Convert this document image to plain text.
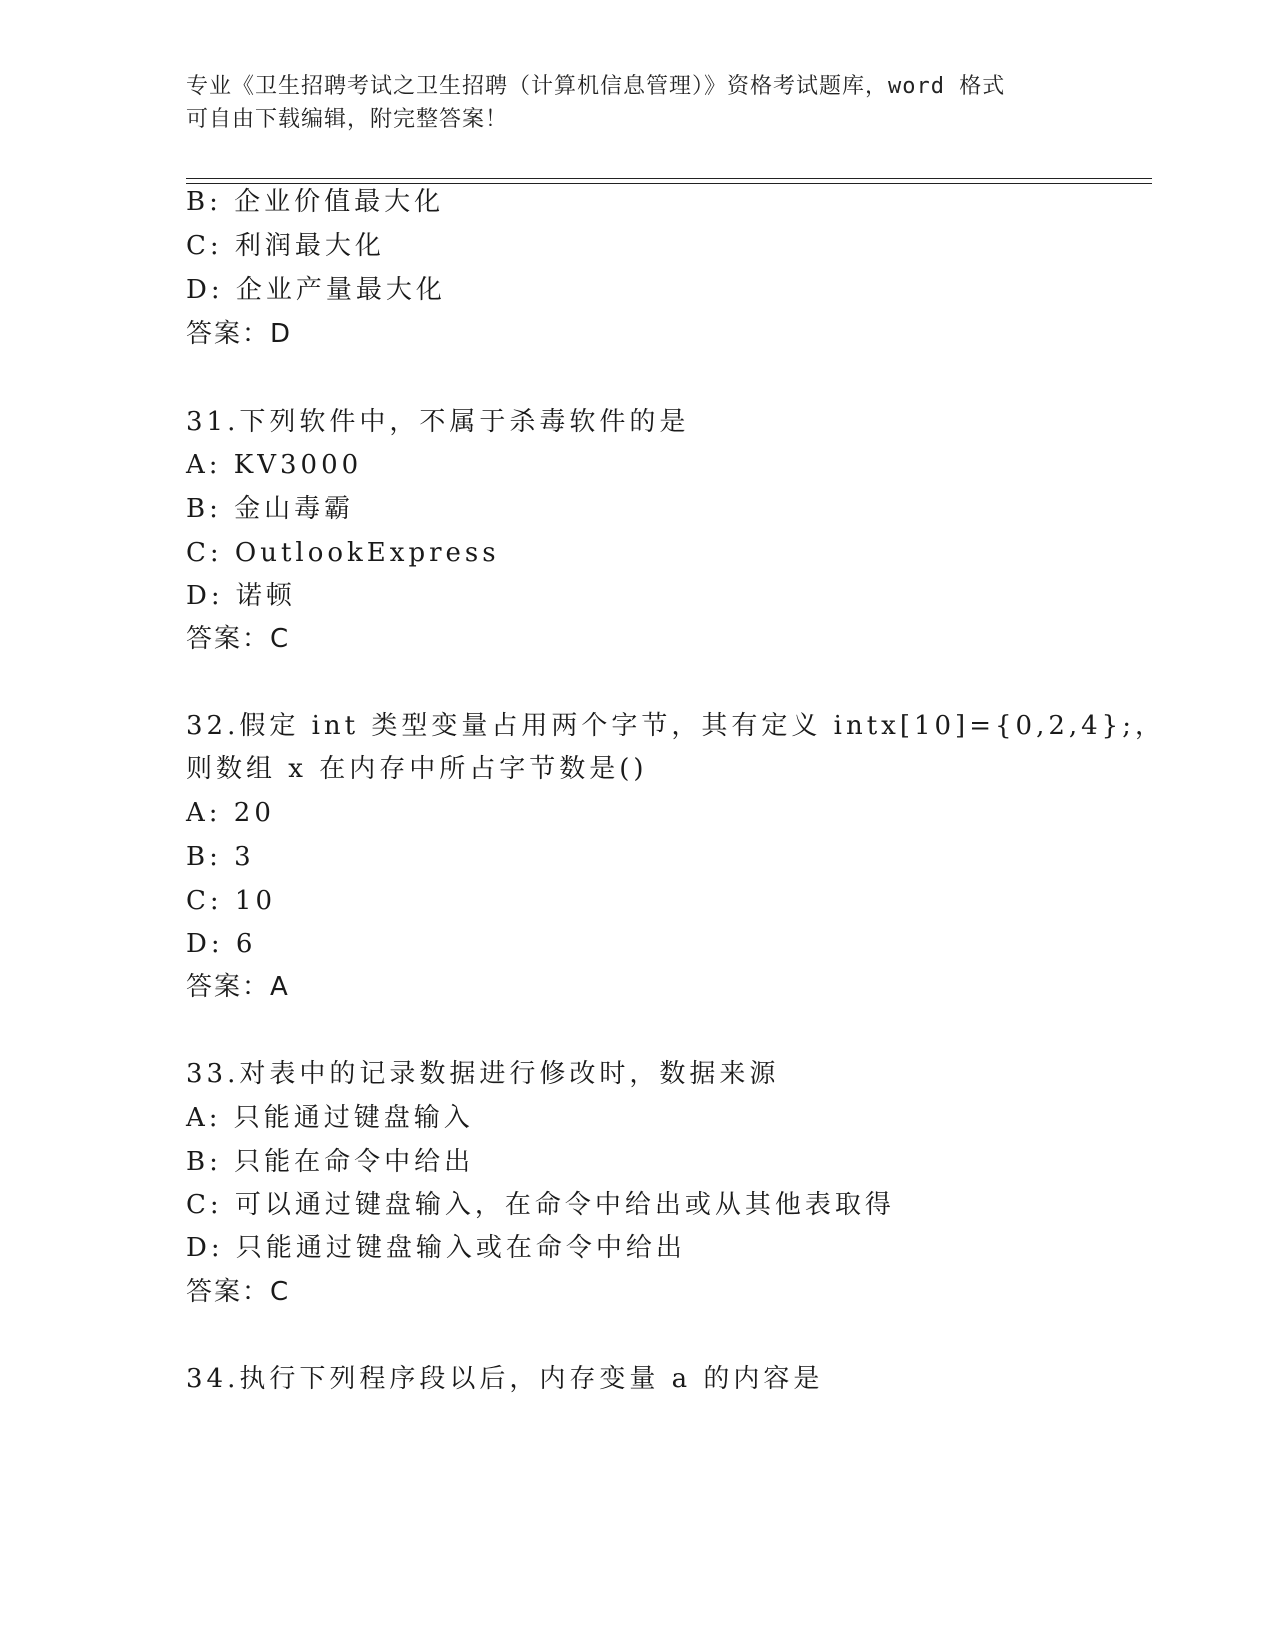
专业《卫生招聘考试之卫生招聘（计算机信息管理）》资格考试题库，word 格式
可自由下载编辑，附完整答案！
B: 企业价值最大化
C: 利润最大化
D: 企业产量最大化
答案：D
31.下列软件中，不属于杀毒软件的是
A: KV3000
B: 金山毒霸
C: OutlookExpress
D: 诺顿
答案：C
32.假定 int 类型变量占用两个字节，其有定义 intx[10]={0,2,4};，
则数组 x 在内存中所占字节数是()
A: 20
B: 3
C: 10
D: 6
答案：A
33.对表中的记录数据进行修改时，数据来源
A: 只能通过键盘输入
B: 只能在命令中给出
C: 可以通过键盘输入，在命令中给出或从其他表取得
D: 只能通过键盘输入或在命令中给出
答案：C
34.执行下列程序段以后，内存变量 a 的内容是
